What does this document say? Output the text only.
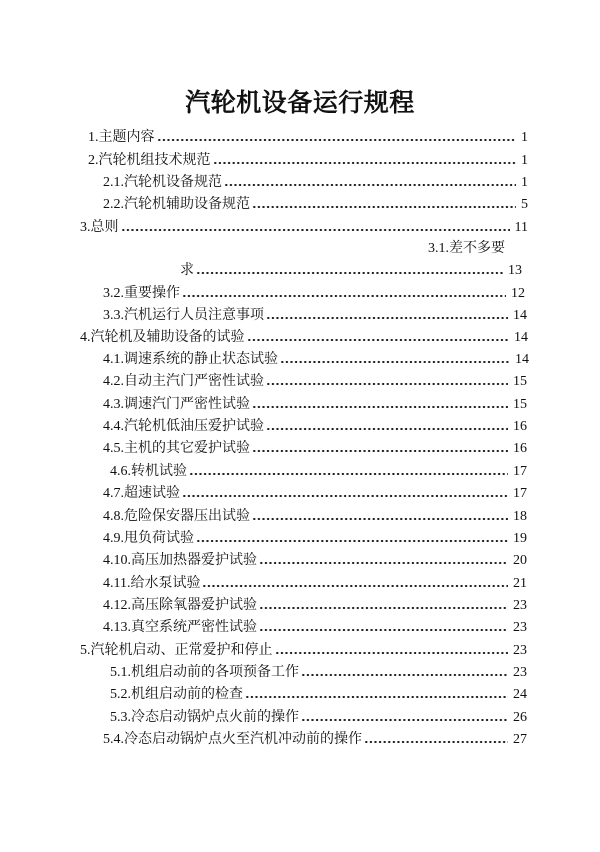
汽轮机设备运行规程
1.主题内容	1
2.汽轮机组技术规范	1
2.1.汽轮机设备规范	1
2.2.汽轮机辅助设备规范	5
3.总则	11
3.1.差不多要
求	13
3.2.重要操作	12
3.3.汽机运行人员注意事项	14
4.汽轮机及辅助设备的试验	14
4.1.调速系统的静止状态试验	14
4.2.自动主汽门严密性试验	15
4.3.调速汽门严密性试验	15
4.4.汽轮机低油压爱护试验	16
4.5.主机的其它爱护试验	16
4.6.转机试验	17
4.7.超速试验	17
4.8.危险保安器压出试验	18
4.9.甩负荷试验	19
4.10.高压加热器爱护试验	20
4.11.给水泵试验	21
4.12.高压除氧器爱护试验	23
4.13.真空系统严密性试验	23
5.汽轮机启动、正常爱护和停止	23
5.1.机组启动前的各项预备工作	23
5.2.机组启动前的检查	24
5.3.冷态启动锅炉点火前的操作	26
5.4.冷态启动锅炉点火至汽机冲动前的操作	27
